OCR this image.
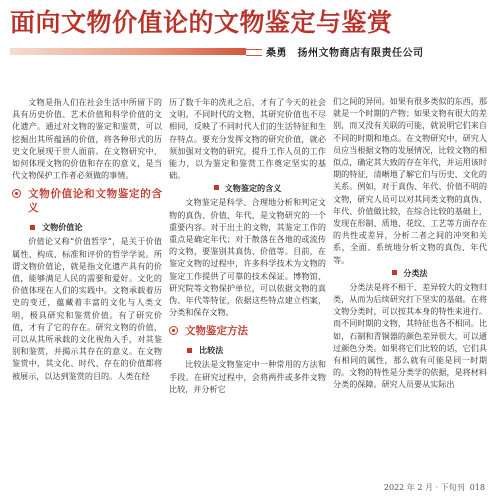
面向文物价值论的文物鉴定与鉴赏
桑勇　扬州文物商店有限责任公司

文物是指人们在社会生活中所留下的具有历史价值、艺术价值和科学价值的文化遗产。通过对文物的鉴定和鉴赏，可以挖掘出其所蕴涵的价值，将各种形式的历史文化展现于世人面前。在文物研究中，如何体现文物的价值和存在的意义，是当代文物保护工作者必须做的事情。

文物价值论和文物鉴定的含义
文物价值论

价值论又称“价值哲学”，是关于价值属性、构成、标准和评价的哲学学说。所谓文物价值论，就是指文化遗产具有的价值，能够满足人民的需要和爱好。文化的价值体现在人们的实践中。文物承载着历史的变迁，蕴藏着丰富的文化与人类文明，极具研究和鉴赏价值。有了研究价值，才有了它的存在。研究文物的价值，可以从其所承载的文化视角入手，对其鉴别和鉴赏，并揭示其存在的意义。在文物鉴赏中，其文化、时代、存在的价值都将被展示，以达到鉴赏的目的。人类在经

历了数千年的洗礼之后，才有了今天的社会文明。不同时代的文物，其研究价值也不尽相同，反映了不同时代人们的生活特征和生存特点。要充分发挥文物的研究价值，就必须加强对文物的研究，提升工作人员的工作能力，以为鉴定和鉴赏工作奠定坚实的基础。

文物鉴定的含义

文物鉴定是科学、合理地分析和判定文物的真伪、价值、年代，是文物研究的一个重要内容。对于出土的文物，其鉴定工作的重点是确定年代；对于散落在各地的或流传的文物，要鉴别其真伪、价值等。目前，在鉴定文物的过程中，许多科学技术为文物的鉴定工作提供了可靠的技术保证。博物馆、研究院等文物保护单位，可以依据文物的真伪、年代等特征，依据这些特点建立档案，分类和保存文物。

文物鉴定方法
比较法

比较法是文物鉴定中一种常用的方法和手段。在研究过程中，会将两件或多件文物比较，并分析它

们之间的异同。如果有很多类似的东西，那就是一个时期的产物；如果文物有很大的差别，而又没有关联的可能，就说明它们来自不同的时期和地点。在文物研究中，研究人员应当根据文物的发展情况，比较文物的相似点，确定其大致的存在年代，并运用该时期的特征，清晰地了解它们与历史、文化的关系。例如，对于真伪、年代、价值不明的文物，研究人员可以对其同类文物的真伪、年代、价值做比较，在综合比较的基础上，发现在形制、质地、花纹、工艺等方面存在的共性或差异，分析二者之间的冲突和关系，全面、系统地分析文物的真伪、年代等。

分类法

分类法是将不相干、差异较大的文物归类，从而为后续研究打下坚实的基础。在将文物分类时，可以按其本身的特性来进行。而不同时期的文物，其特征也各不相同。比如，石制和青铜器的颜色差异很大，可以通过颜色分类。如果将它们比较的话，它们具有相同的属性，那么就有可能是同一时期的。文物的特性是分类学的依据，是将材料分类的保障。研究人员要从实际出

2022 年 2 月 · 下旬刊 018
